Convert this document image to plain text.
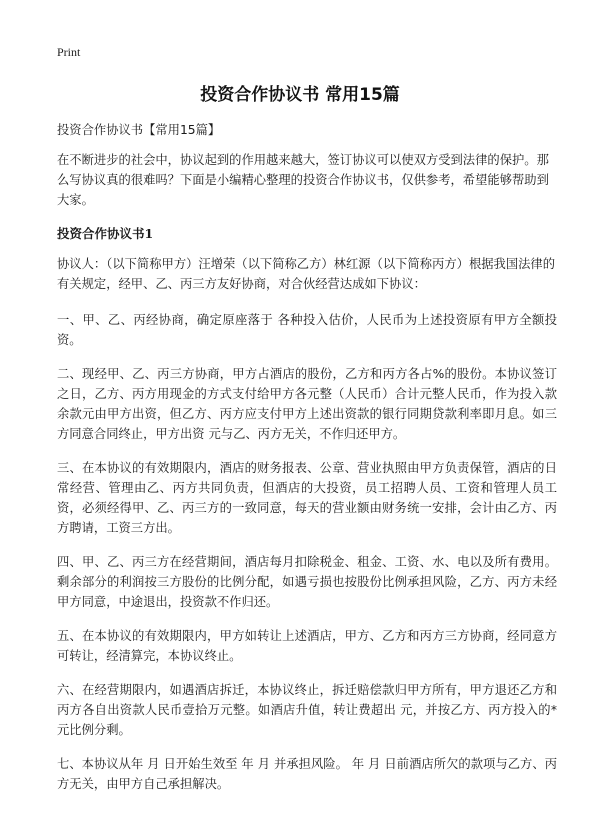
Print
投资合作协议书 常用15篇

投资合作协议书【常用15篇】

在不断进步的社会中，协议起到的作用越来越大，签订协议可以使双方受到法律的保护。那么写协议真的很难吗？下面是小编精心整理的投资合作协议书，仅供参考，希望能够帮助到大家。

投资合作协议书1

协议人：（以下简称甲方）汪增荣（以下简称乙方）林红源（以下简称丙方）根据我国法律的有关规定，经甲、乙、丙三方友好协商，对合伙经营达成如下协议：

一、甲、乙、丙经协商，确定原座落于 各种投入估价，人民币为上述投资原有甲方全额投资。

二、现经甲、乙、丙三方协商，甲方占酒店的股份，乙方和丙方各占%的股份。本协议签订之日，乙方、丙方用现金的方式支付给甲方各元整（人民币）合计元整人民币，作为投入款余款元由甲方出资，但乙方、丙方应支付甲方上述出资款的银行同期贷款利率即月息。如三方同意合同终止，甲方出资 元与乙、丙方无关，不作归还甲方。

三、在本协议的有效期限内，酒店的财务报表、公章、营业执照由甲方负责保管，酒店的日常经营、管理由乙、丙方共同负责，但酒店的大投资，员工招聘人员、工资和管理人员工资，必须经得甲、乙、丙三方的一致同意，每天的营业额由财务统一安排，会计由乙方、丙方聘请，工资三方出。

四、甲、乙、丙三方在经营期间，酒店每月扣除税金、租金、工资、水、电以及所有费用。剩余部分的利润按三方股份的比例分配，如遇亏损也按股份比例承担风险，乙方、丙方未经甲方同意，中途退出，投资款不作归还。

五、在本协议的有效期限内，甲方如转让上述酒店，甲方、乙方和丙方三方协商，经同意方可转让，经清算完，本协议终止。

六、在经营期限内，如遇酒店拆迁，本协议终止，拆迁赔偿款归甲方所有，甲方退还乙方和丙方各自出资款人民币壹拾万元整。如酒店升值，转让费超出 元，并按乙方、丙方投入的*元比例分剩。

七、本协议从年 月 日开始生效至 年 月 并承担风险。 年 月 日前酒店所欠的款项与乙方、丙方无关，由甲方自己承担解决。
